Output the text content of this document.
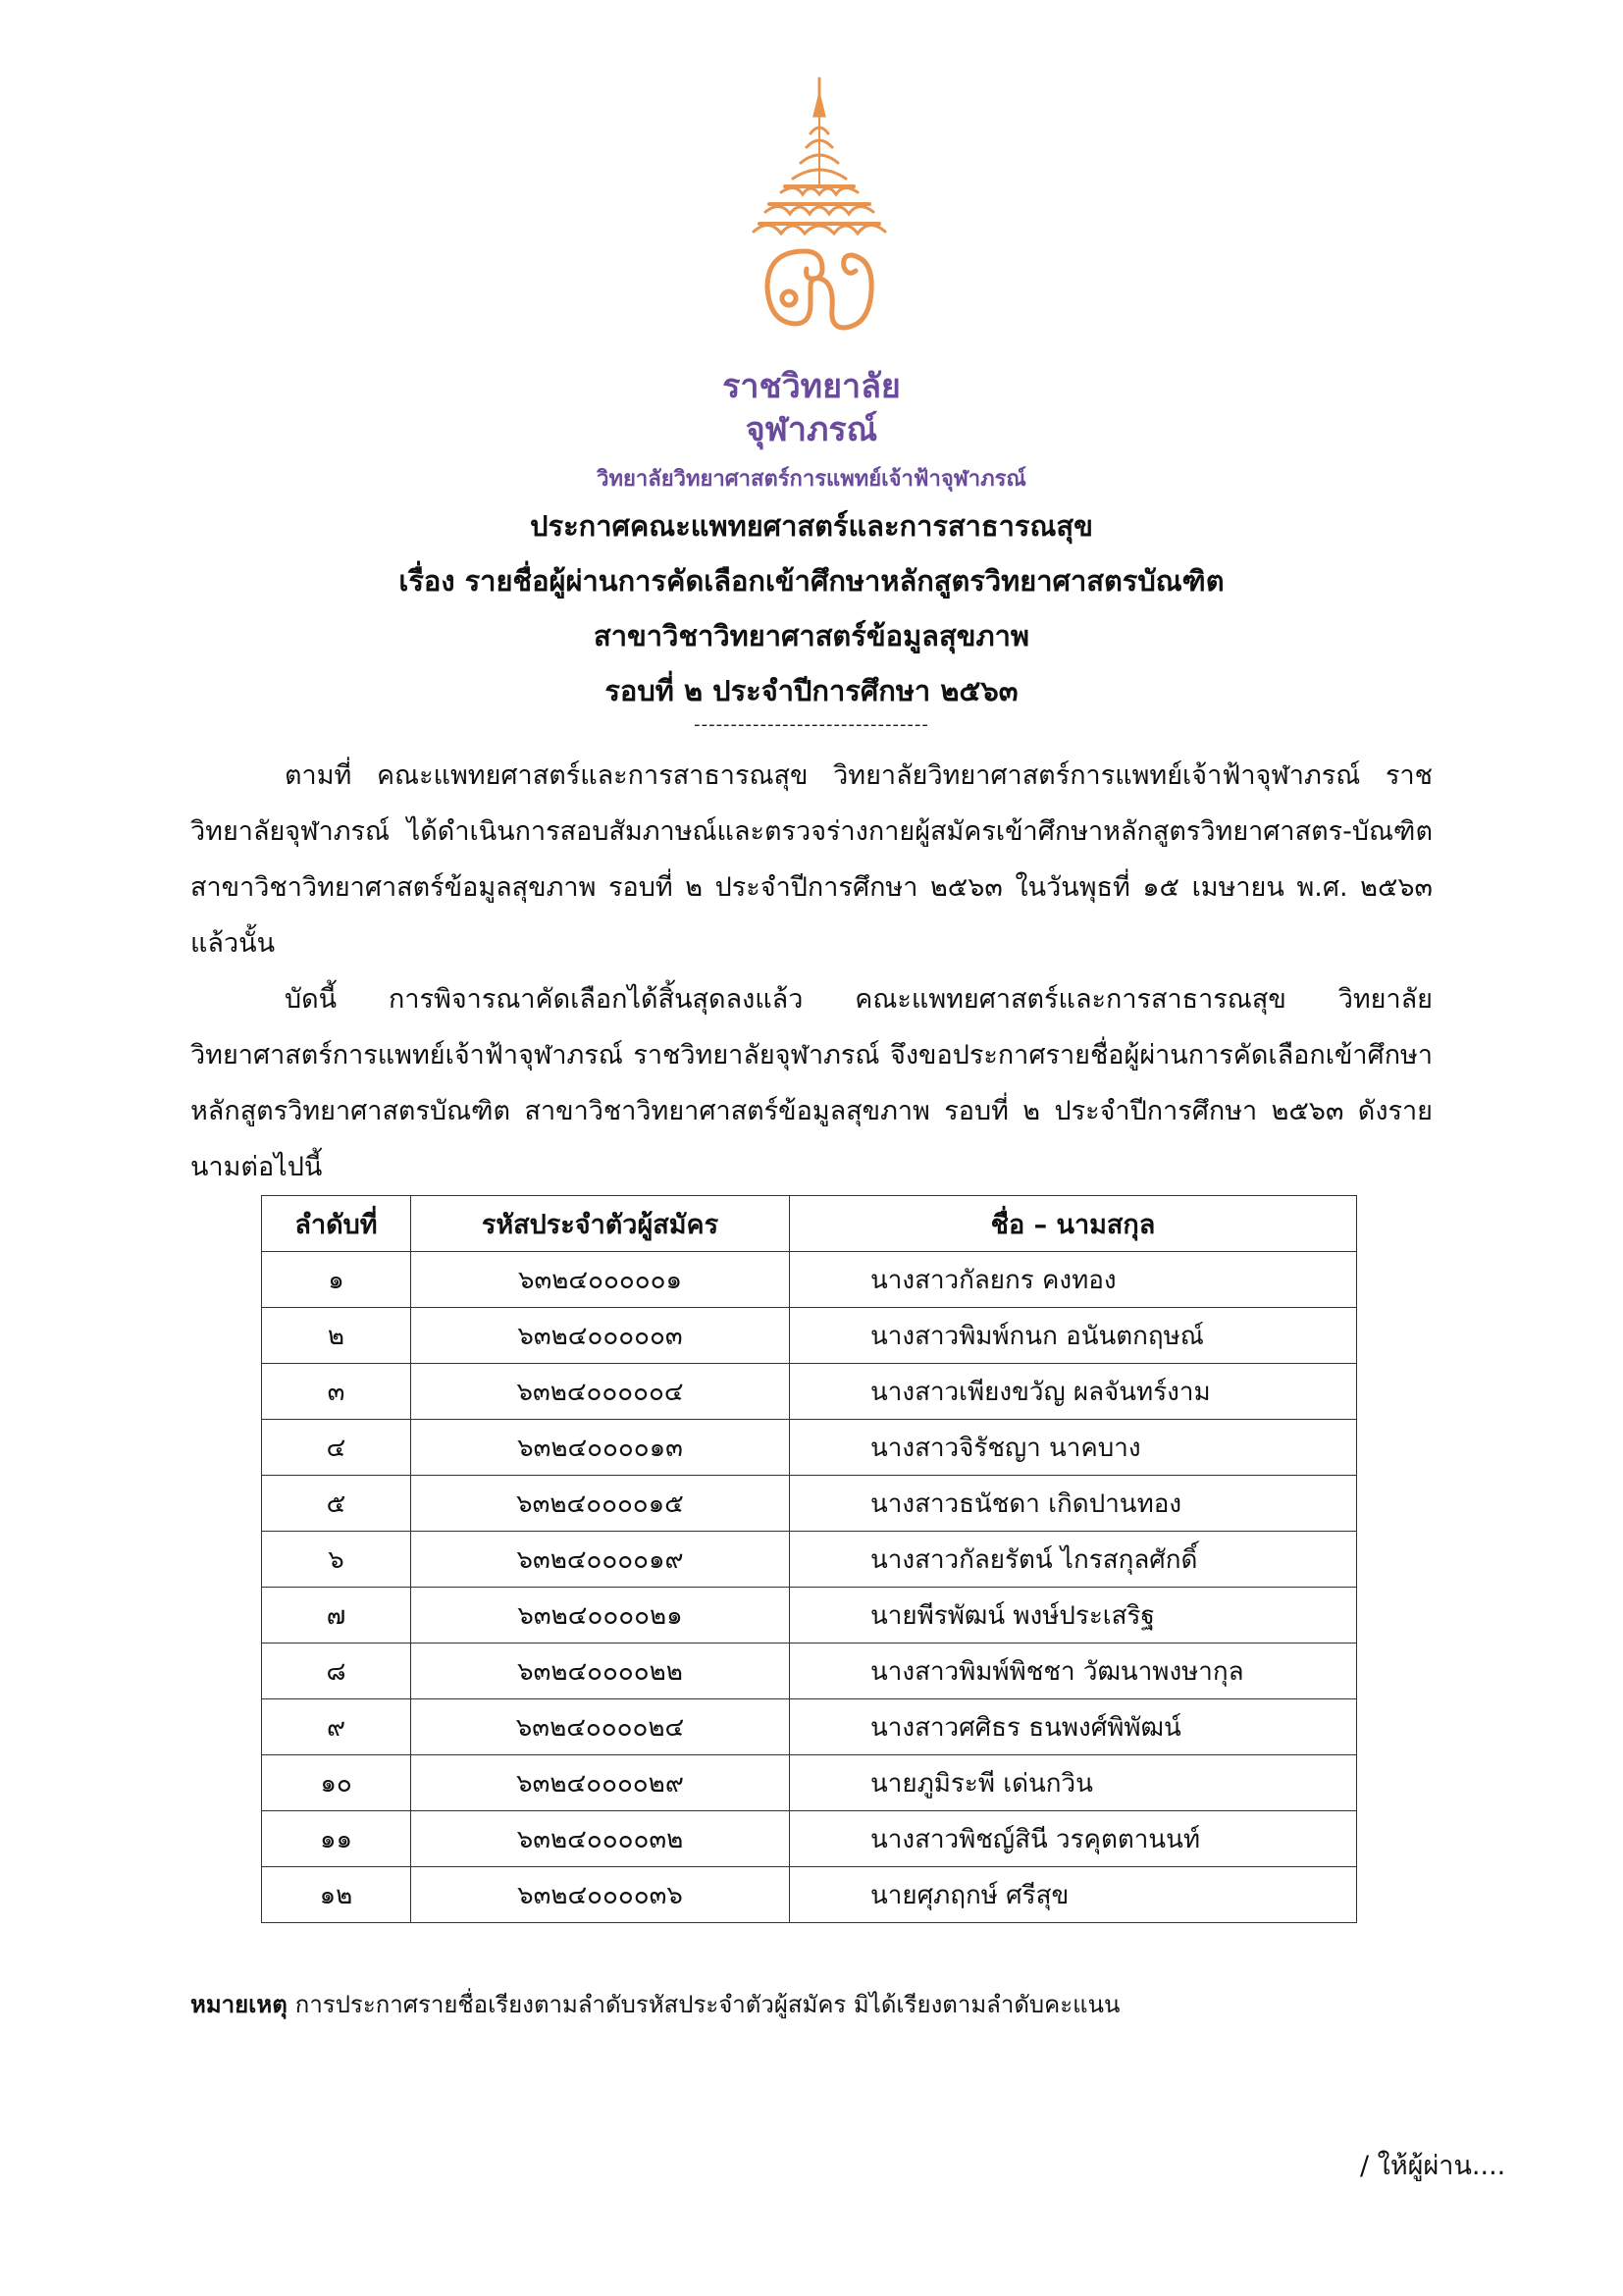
ราชวิทยาลัย
จุฬาภรณ์
วิทยาลัยวิทยาศาสตร์การแพทย์เจ้าฟ้าจุฬาภรณ์
ประกาศคณะแพทยศาสตร์และการสาธารณสุข
เรื่อง รายชื่อผู้ผ่านการคัดเลือกเข้าศึกษาหลักสูตรวิทยาศาสตรบัณฑิต
สาขาวิชาวิทยาศาสตร์ข้อมูลสุขภาพ
รอบที่ ๒ ประจำปีการศึกษา ๒๕๖๓
--------------------------------
ตามที่ คณะแพทยศาสตร์และการสาธารณสุข วิทยาลัยวิทยาศาสตร์การแพทย์เจ้าฟ้าจุฬาภรณ์ ราชวิทยาลัยจุฬาภรณ์ ได้ดำเนินการสอบสัมภาษณ์และตรวจร่างกายผู้สมัครเข้าศึกษาหลักสูตรวิทยาศาสตร-บัณฑิต สาขาวิชาวิทยาศาสตร์ข้อมูลสุขภาพ รอบที่ ๒ ประจำปีการศึกษา ๒๕๖๓ ในวันพุธที่ ๑๕ เมษายน พ.ศ. ๒๕๖๓ แล้วนั้น
บัดนี้ การพิจารณาคัดเลือกได้สิ้นสุดลงแล้ว คณะแพทยศาสตร์และการสาธารณสุข วิทยาลัยวิทยาศาสตร์การแพทย์เจ้าฟ้าจุฬาภรณ์ ราชวิทยาลัยจุฬาภรณ์ จึงขอประกาศรายชื่อผู้ผ่านการคัดเลือกเข้าศึกษาหลักสูตรวิทยาศาสตรบัณฑิต สาขาวิชาวิทยาศาสตร์ข้อมูลสุขภาพ รอบที่ ๒ ประจำปีการศึกษา ๒๕๖๓ ดังรายนามต่อไปนี้
ลำดับที่	รหัสประจำตัวผู้สมัคร	ชื่อ – นามสกุล
๑	๖๓๒๔๐๐๐๐๐๑	นางสาวกัลยกร คงทอง
๒	๖๓๒๔๐๐๐๐๐๓	นางสาวพิมพ์กนก อนันตกฤษณ์
๓	๖๓๒๔๐๐๐๐๐๔	นางสาวเพียงขวัญ ผลจันทร์งาม
๔	๖๓๒๔๐๐๐๐๑๓	นางสาวจิรัชญา นาคบาง
๕	๖๓๒๔๐๐๐๐๑๕	นางสาวธนัชดา เกิดปานทอง
๖	๖๓๒๔๐๐๐๐๑๙	นางสาวกัลยรัตน์ ไกรสกุลศักดิ์
๗	๖๓๒๔๐๐๐๐๒๑	นายพีรพัฒน์ พงษ์ประเสริฐ
๘	๖๓๒๔๐๐๐๐๒๒	นางสาวพิมพ์พิชชา วัฒนาพงษากุล
๙	๖๓๒๔๐๐๐๐๒๔	นางสาวศศิธร ธนพงศ์พิพัฒน์
๑๐	๖๓๒๔๐๐๐๐๒๙	นายภูมิระพี เด่นกวิน
๑๑	๖๓๒๔๐๐๐๐๓๒	นางสาวพิชญ์สินี วรคุตตานนท์
๑๒	๖๓๒๔๐๐๐๐๓๖	นายศุภฤกษ์ ศรีสุข
หมายเหตุ การประกาศรายชื่อเรียงตามลำดับรหัสประจำตัวผู้สมัคร มิได้เรียงตามลำดับคะแนน
/ ให้ผู้ผ่าน....
